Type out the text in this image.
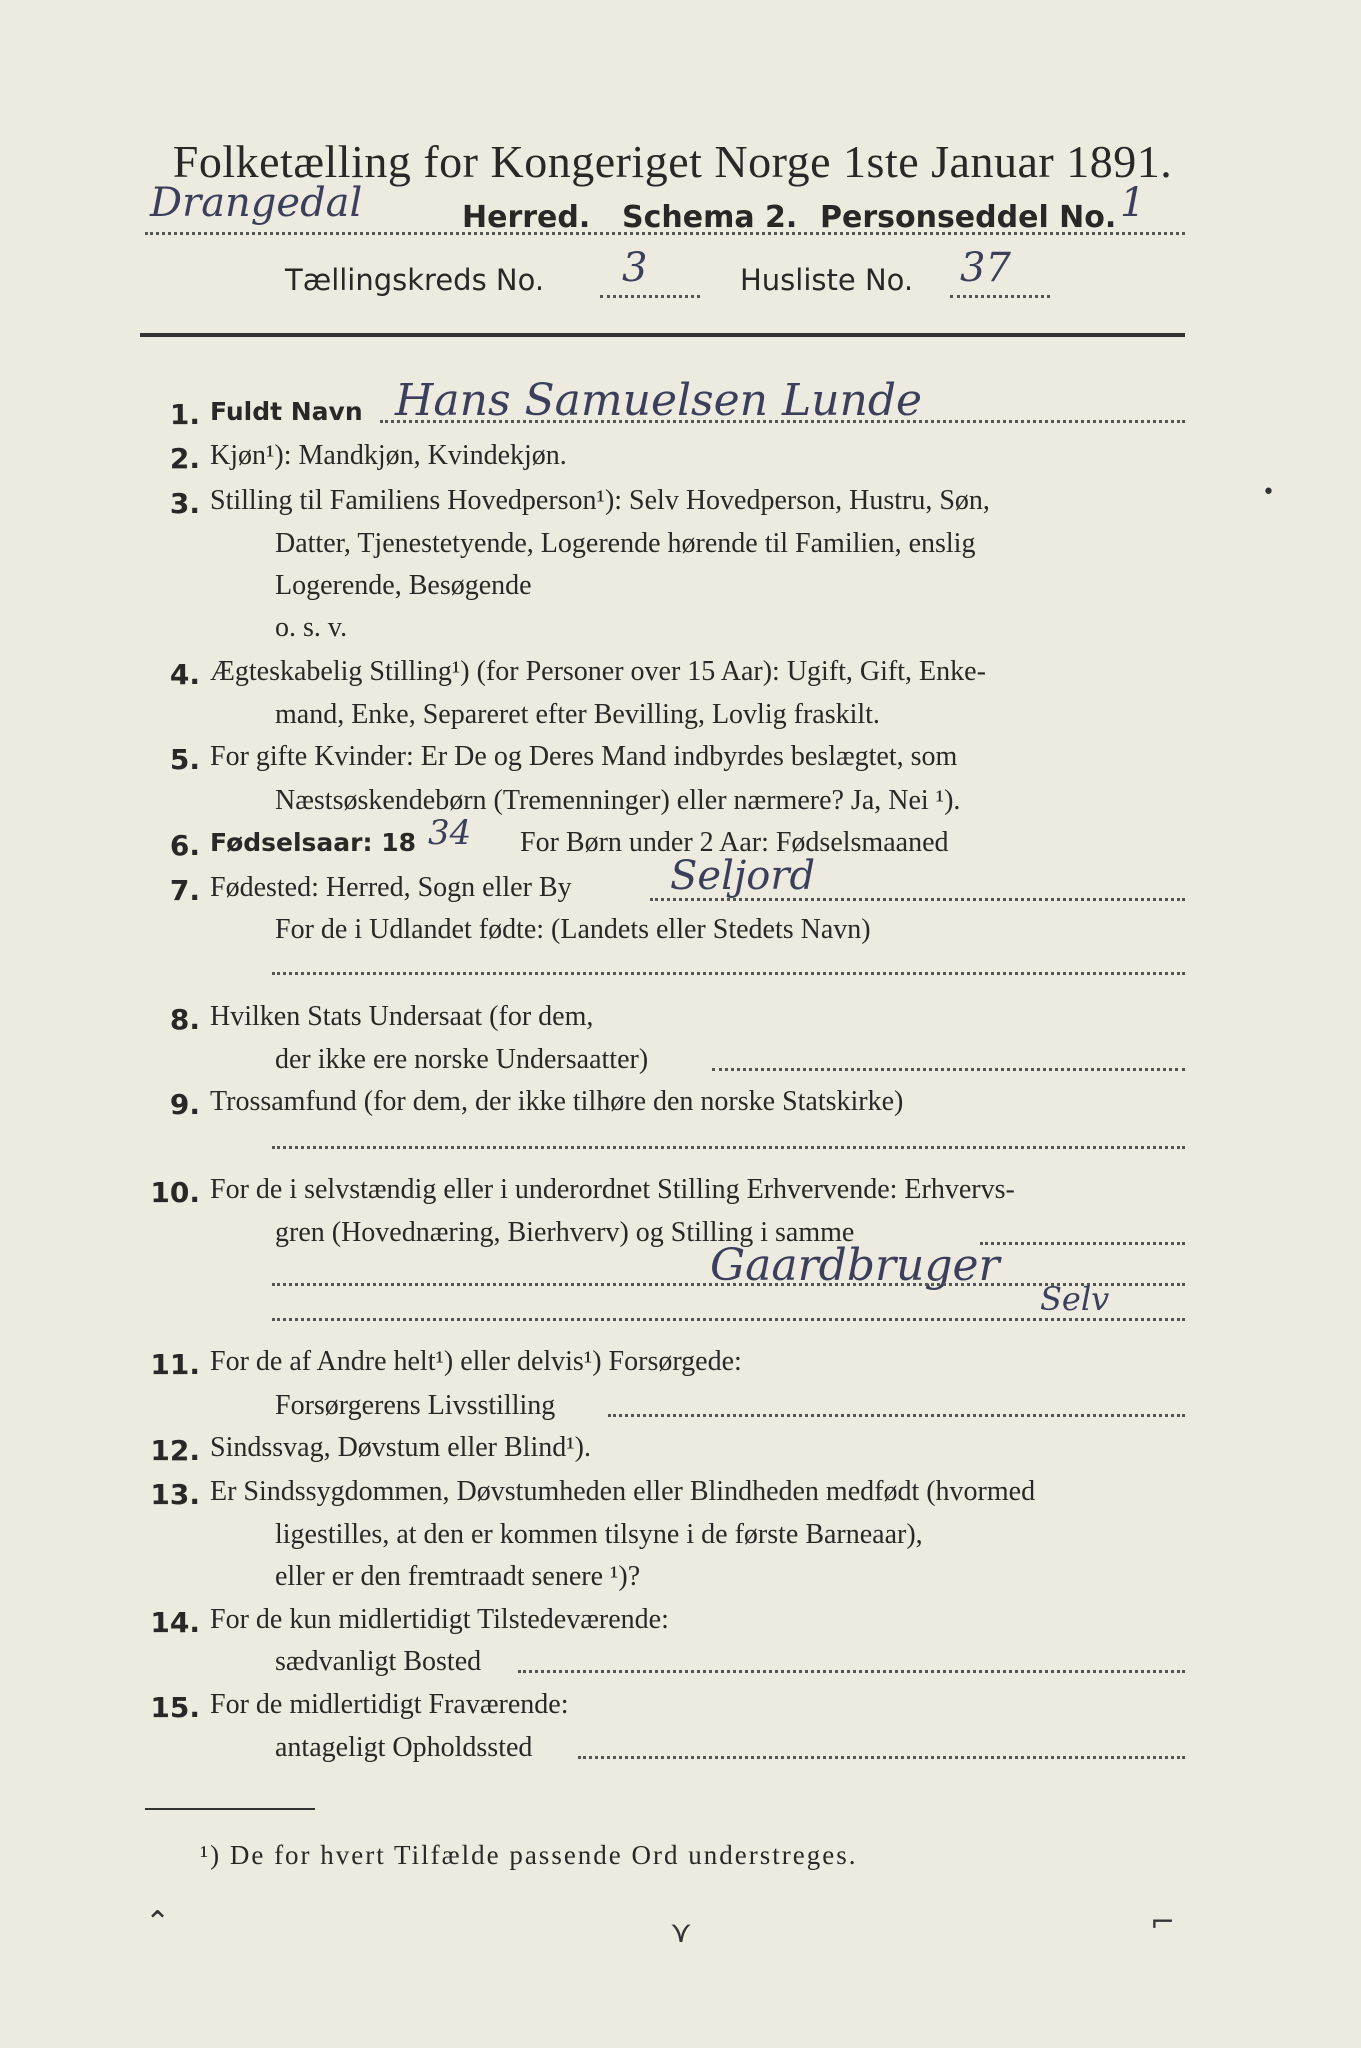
Folketælling for Kongeriget Norge 1ste Januar 1891.
Drangedal	Herred. Schema 2. Personseddel No. 1
Tællingskreds No. 3	Husliste No. 37
1. Fuldt Navn Hans Samuelsen Lunde
2. Kjøn¹): Mandkjøn, Kvindekjøn.
3. Stilling til Familiens Hovedperson¹): Selv Hovedperson, Hustru, Søn,
Datter, Tjenestetyende, Logerende hørende til Familien, enslig
Logerende, Besøgende
o. s. v.
4. Ægteskabelig Stilling¹) (for Personer over 15 Aar): Ugift, Gift, Enke-
mand, Enke, Separeret efter Bevilling, Lovlig fraskilt.
5. For gifte Kvinder: Er De og Deres Mand indbyrdes beslægtet, som
Næstsøskendebørn (Tremenninger) eller nærmere? Ja, Nei ¹).
6. Fødselsaar: 18 34 For Børn under 2 Aar: Fødselsmaaned
7. Fødested: Herred, Sogn eller By Seljord
For de i Udlandet fødte: (Landets eller Stedets Navn)
8. Hvilken Stats Undersaat (for dem,
der ikke ere norske Undersaatter)
9. Trossamfund (for dem, der ikke tilhøre den norske Statskirke)
10. For de i selvstændig eller i underordnet Stilling Erhvervende: Erhvervs-
gren (Hovednæring, Bierhverv) og Stilling i samme
Gaardbruger
Selv
11. For de af Andre helt¹) eller delvis¹) Forsørgede:
Forsørgerens Livsstilling
12. Sindssvag, Døvstum eller Blind¹).
13. Er Sindssygdommen, Døvstumheden eller Blindheden medfødt (hvormed
ligestilles, at den er kommen tilsyne i de første Barneaar),
eller er den fremtraadt senere ¹)?
14. For de kun midlertidigt Tilstedeværende:
sædvanligt Bosted
15. For de midlertidigt Fraværende:
antageligt Opholdssted
¹) De for hvert Tilfælde passende Ord understreges.
⌃	⋎	⌐
•
